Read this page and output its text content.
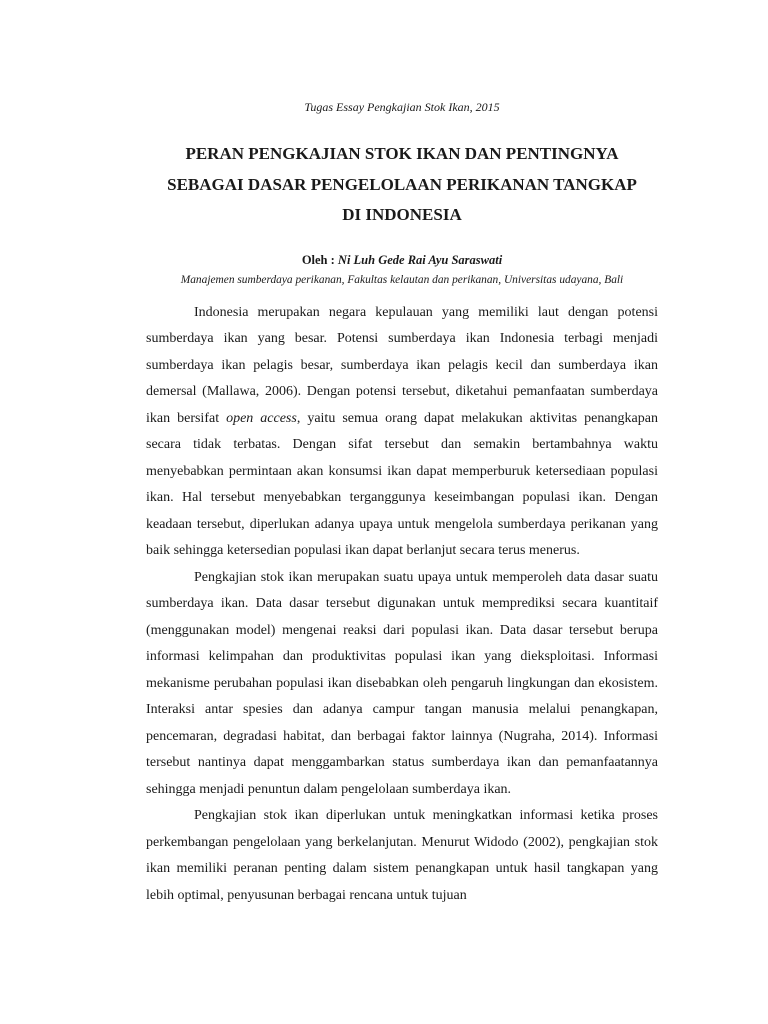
Tugas Essay Pengkajian Stok Ikan, 2015

PERAN PENGKAJIAN STOK IKAN DAN PENTINGNYA
SEBAGAI DASAR PENGELOLAAN PERIKANAN TANGKAP
DI INDONESIA

Oleh : Ni Luh Gede Rai Ayu Saraswati

Manajemen sumberdaya perikanan, Fakultas kelautan dan perikanan, Universitas udayana, Bali

Indonesia merupakan negara kepulauan yang memiliki laut dengan potensi sumberdaya ikan yang besar. Potensi sumberdaya ikan Indonesia terbagi menjadi sumberdaya ikan pelagis besar, sumberdaya ikan pelagis kecil dan sumberdaya ikan demersal (Mallawa, 2006). Dengan potensi tersebut, diketahui pemanfaatan sumberdaya ikan bersifat open access, yaitu semua orang dapat melakukan aktivitas penangkapan secara tidak terbatas. Dengan sifat tersebut dan semakin bertambahnya waktu menyebabkan permintaan akan konsumsi ikan dapat memperburuk ketersediaan populasi ikan. Hal tersebut menyebabkan terganggunya keseimbangan populasi ikan. Dengan keadaan tersebut, diperlukan adanya upaya untuk mengelola sumberdaya perikanan yang baik sehingga ketersedian populasi ikan dapat berlanjut secara terus menerus.

Pengkajian stok ikan merupakan suatu upaya untuk memperoleh data dasar suatu sumberdaya ikan. Data dasar tersebut digunakan untuk memprediksi secara kuantitaif (menggunakan model) mengenai reaksi dari populasi ikan. Data dasar tersebut berupa informasi kelimpahan dan produktivitas populasi ikan yang dieksploitasi. Informasi mekanisme perubahan populasi ikan disebabkan oleh pengaruh lingkungan dan ekosistem. Interaksi antar spesies dan adanya campur tangan manusia melalui penangkapan, pencemaran, degradasi habitat, dan berbagai faktor lainnya (Nugraha, 2014). Informasi tersebut nantinya dapat menggambarkan status sumberdaya ikan dan pemanfaatannya sehingga menjadi penuntun dalam pengelolaan sumberdaya ikan.

Pengkajian stok ikan diperlukan untuk meningkatkan informasi ketika proses perkembangan pengelolaan yang berkelanjutan. Menurut Widodo (2002), pengkajian stok ikan memiliki peranan penting dalam sistem penangkapan untuk hasil tangkapan yang lebih optimal, penyusunan berbagai rencana untuk tujuan
